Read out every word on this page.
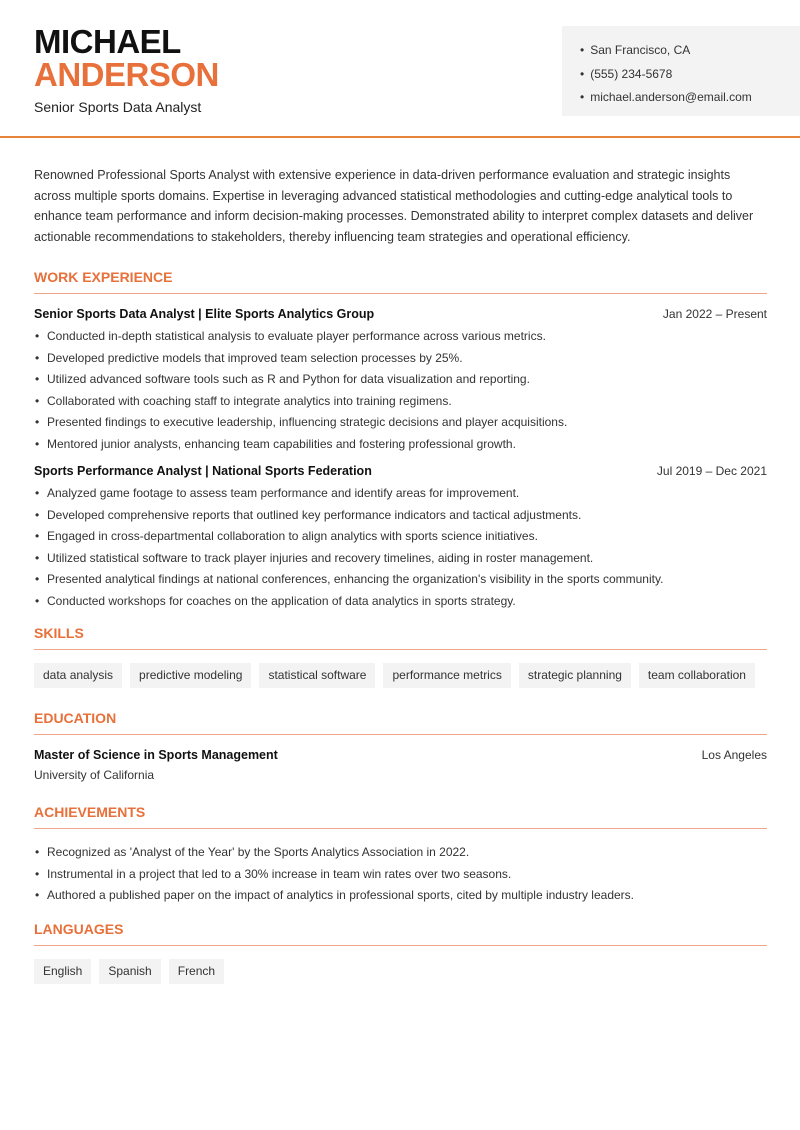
MICHAEL
ANDERSON
Senior Sports Data Analyst
• San Francisco, CA
• (555) 234-5678
• michael.anderson@email.com

Renowned Professional Sports Analyst with extensive experience in data-driven performance evaluation and strategic insights across multiple sports domains. Expertise in leveraging advanced statistical methodologies and cutting-edge analytical tools to enhance team performance and inform decision-making processes. Demonstrated ability to interpret complex datasets and deliver actionable recommendations to stakeholders, thereby influencing team strategies and operational efficiency.

WORK EXPERIENCE
Senior Sports Data Analyst | Elite Sports Analytics Group	Jan 2022 – Present
• Conducted in-depth statistical analysis to evaluate player performance across various metrics.
• Developed predictive models that improved team selection processes by 25%.
• Utilized advanced software tools such as R and Python for data visualization and reporting.
• Collaborated with coaching staff to integrate analytics into training regimens.
• Presented findings to executive leadership, influencing strategic decisions and player acquisitions.
• Mentored junior analysts, enhancing team capabilities and fostering professional growth.
Sports Performance Analyst | National Sports Federation	Jul 2019 – Dec 2021
• Analyzed game footage to assess team performance and identify areas for improvement.
• Developed comprehensive reports that outlined key performance indicators and tactical adjustments.
• Engaged in cross-departmental collaboration to align analytics with sports science initiatives.
• Utilized statistical software to track player injuries and recovery timelines, aiding in roster management.
• Presented analytical findings at national conferences, enhancing the organization's visibility in the sports community.
• Conducted workshops for coaches on the application of data analytics in sports strategy.
SKILLS
data analysis	predictive modeling	statistical software	performance metrics	strategic planning	team collaboration
EDUCATION
Master of Science in Sports Management	Los Angeles
University of California
ACHIEVEMENTS
• Recognized as 'Analyst of the Year' by the Sports Analytics Association in 2022.
• Instrumental in a project that led to a 30% increase in team win rates over two seasons.
• Authored a published paper on the impact of analytics in professional sports, cited by multiple industry leaders.
LANGUAGES
English	Spanish	French
